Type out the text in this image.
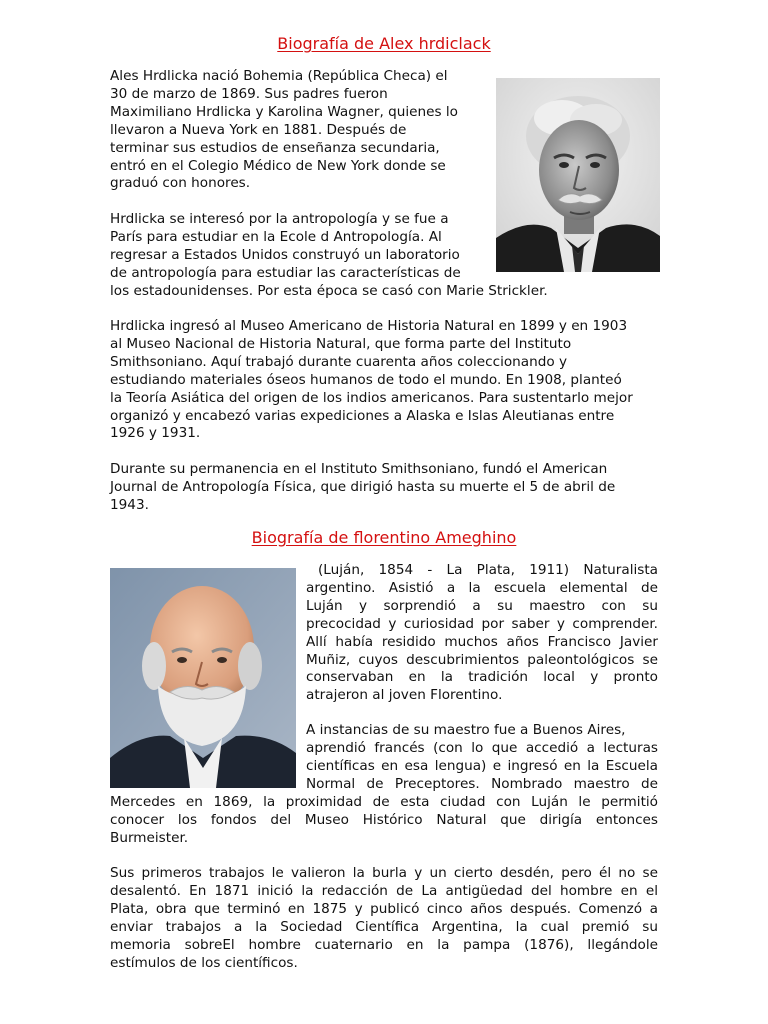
Biografía de Alex hrdiclack
Ales Hrdlicka nació Bohemia (República Checa) el
30 de marzo de 1869. Sus padres fueron
Maximiliano Hrdlicka y Karolina Wagner, quienes lo
llevaron a Nueva York en 1881. Después de
terminar sus estudios de enseñanza secundaria,
entró en el Colegio Médico de New York donde se
graduó con honores.
Hrdlicka se interesó por la antropología y se fue a
París para estudiar en la Ecole d Antropología. Al
regresar a Estados Unidos construyó un laboratorio
de antropología para estudiar las características de
los estadounidenses. Por esta época se casó con Marie Strickler.
Hrdlicka ingresó al Museo Americano de Historia Natural en 1899 y en 1903
al Museo Nacional de Historia Natural, que forma parte del Instituto
Smithsoniano. Aquí trabajó durante cuarenta años coleccionando y
estudiando materiales óseos humanos de todo el mundo. En 1908, planteó
la Teoría Asiática del origen de los indios americanos. Para sustentarlo mejor
organizó y encabezó varias expediciones a Alaska e Islas Aleutianas entre
1926 y 1931.
Durante su permanencia en el Instituto Smithsoniano, fundó el American
Journal de Antropología Física, que dirigió hasta su muerte el 5 de abril de
1943.
Biografía de florentino Ameghino
(Luján, 1854 - La Plata, 1911) Naturalista
argentino. Asistió a la escuela elemental de
Luján y sorprendió a su maestro con su
precocidad y curiosidad por saber y comprender.
Allí había residido muchos años Francisco Javier
Muñiz, cuyos descubrimientos paleontológicos se
conservaban en la tradición local y pronto
atrajeron al joven Florentino.
A instancias de su maestro fue a Buenos Aires,
aprendió francés (con lo que accedió a lecturas
científicas en esa lengua) e ingresó en la Escuela
Normal de Preceptores. Nombrado maestro de
Mercedes en 1869, la proximidad de esta ciudad con Luján le permitió
conocer los fondos del Museo Histórico Natural que dirigía entonces
Burmeister.
Sus primeros trabajos le valieron la burla y un cierto desdén, pero él no se
desalentó. En 1871 inició la redacción de La antigüedad del hombre en el
Plata, obra que terminó en 1875 y publicó cinco años después. Comenzó a
enviar trabajos a la Sociedad Científica Argentina, la cual premió su
memoria sobreEl hombre cuaternario en la pampa (1876), llegándole
estímulos de los científicos.
